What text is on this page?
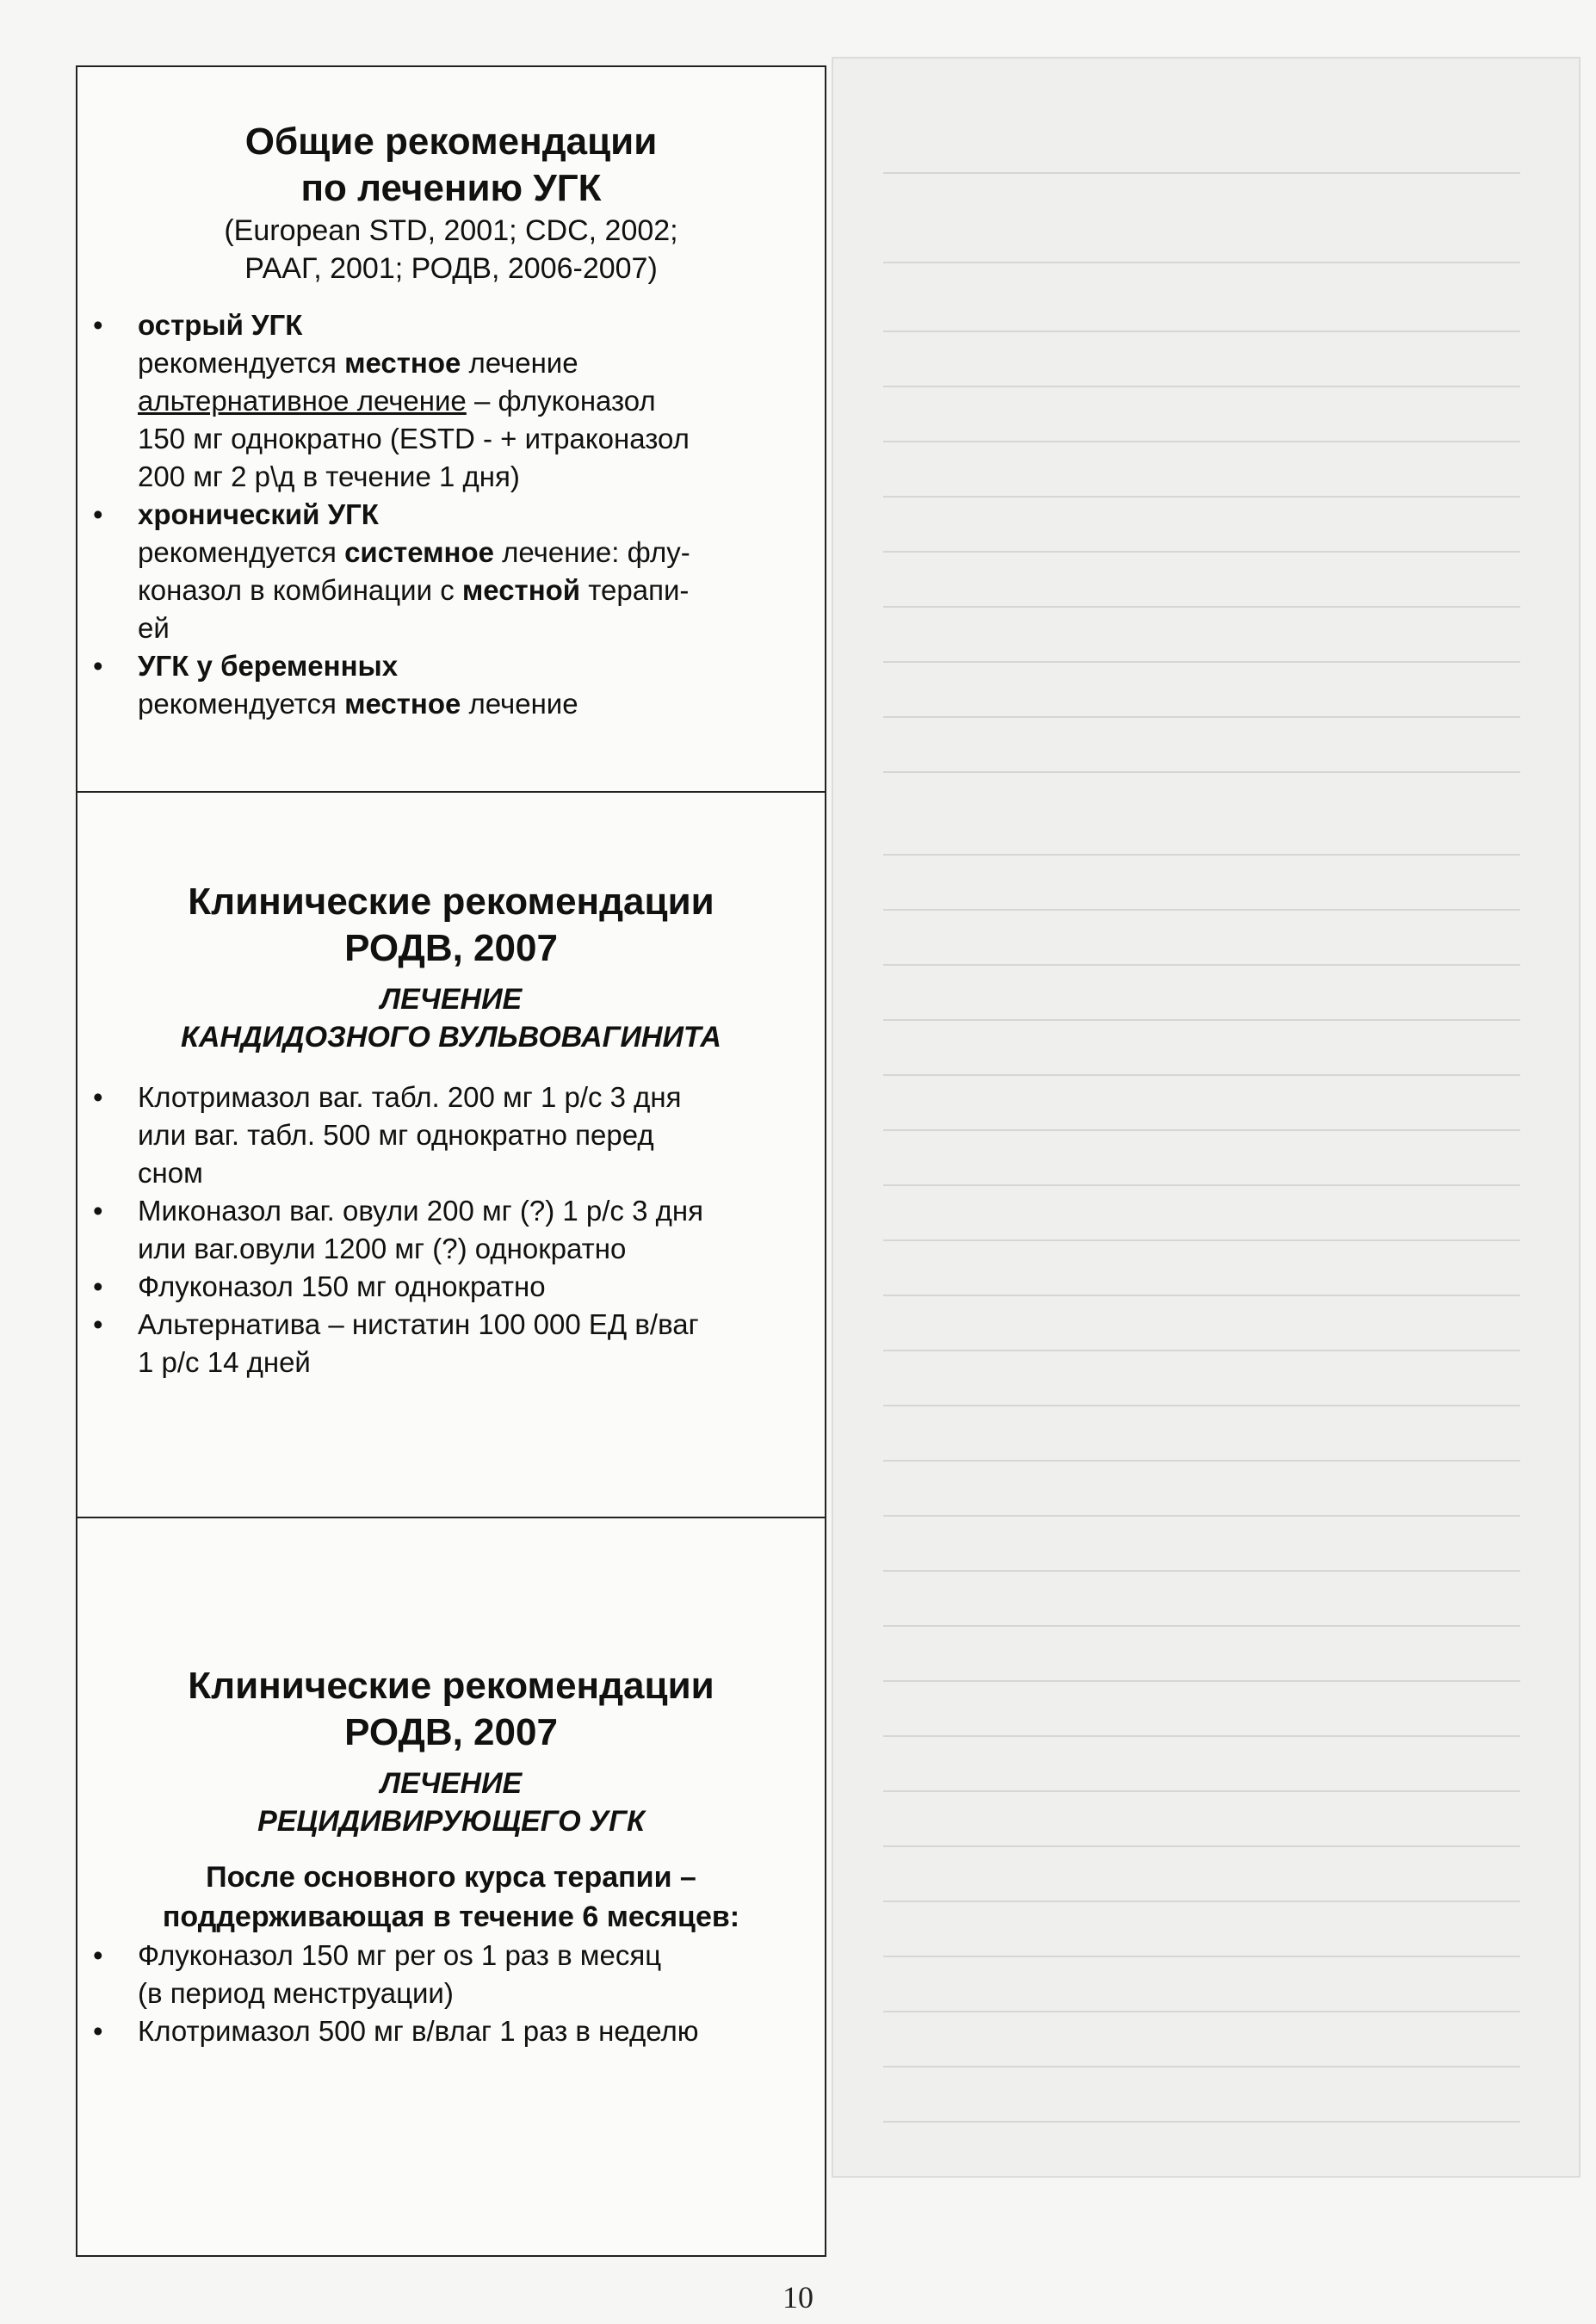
Общие рекомендации
по лечению УГК
(European STD, 2001; CDC, 2002;
РААГ, 2001; РОДВ, 2006-2007)
• острый УГК
рекомендуется местное лечение
альтернативное лечение – флуконазол
150 мг однократно (ESTD - + итраконазол
200 мг 2 р\д в течение 1 дня)
• хронический УГК
рекомендуется системное лечение: флу-
коназол в комбинации с местной терапи-
ей
• УГК у беременных
рекомендуется местное лечение
Клинические рекомендации
РОДВ, 2007
ЛЕЧЕНИЕ
КАНДИДОЗНОГО ВУЛЬВОВАГИНИТА
• Клотримазол ваг. табл. 200 мг 1 р/с 3 дня
или ваг. табл. 500 мг однократно перед
сном
• Миконазол ваг. овули 200 мг (?) 1 р/с 3 дня
или ваг.овули 1200 мг (?) однократно
• Флуконазол 150 мг однократно
• Альтернатива – нистатин 100 000 ЕД в/ваг
1 р/с 14 дней
Клинические рекомендации
РОДВ, 2007
ЛЕЧЕНИЕ
РЕЦИДИВИРУЮЩЕГО УГК
После основного курса терапии –
поддерживающая в течение 6 месяцев:
• Флуконазол 150 мг per os 1 раз в месяц
(в период менструации)
• Клотримазол 500 мг в/влаг 1 раз в неделю
10
